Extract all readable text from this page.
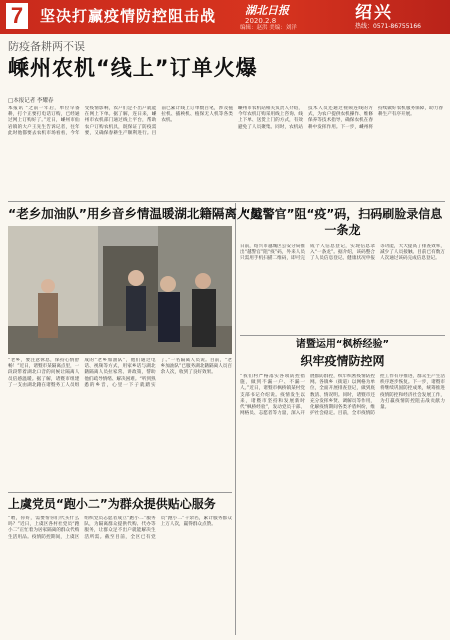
7	坚决打赢疫情防控阻击战	湖北日报
2020.2.8	绍兴
编辑：赵洪 美编：刘洋	热线：0571-86755166
防疫备耕两不误
嵊州农机“线上”订单火爆
□本报记者 李耀春

本报讯 “之前一年后，单位早备耕，打个正要打电话订购，已经通过网上订购好了。”近日，嵊州市仙岩镇的大户王先生告诉记者，往年此时他都要去农机市场看看，今年受疫情影响，农户们足不出户就能在网上下单。据了解，连日来，嵊州市农机部门通过线上平台，帮助农户订购农机具，既保证了防疫需要，又确保春耕生产顺利进行。目前已累计线上订单数百笔，涉及拖拉机、插秧机、植保无人机等各类农机。

嵊州市农机站相关负责人介绍，今年农机订购采用线上咨询、线上下单、送货上门的方式，有效避免了人员聚集。同时，农机站技术人员还通过视频连线的方式，为农户提供农机操作、维修保养等技术指导，确保农机在春耕中发挥作用。下一步，嵊州将持续做好农机服务保障，助力春耕生产有序开展。

“老乡加油队”用乡音乡情温暖湖北籍隔离人员

“老乡，要注意休息，保持心情舒畅！”近日，诸暨市某隔离点里，一段段带着湖北口音的问候让隔离人员倍感温暖。据了解，诸暨市组建了一支由湖北籍在诸暨务工人员组成的“老乡加油队”，他们通过电话、视频等方式，用家乡话与湖北籍隔离人员拉家常、讲政策，帮助他们疏导情绪、解决困难。“听到熟悉的乡音，心里一下子就踏实了。”一名隔离人员说。目前，“老乡加油队”已服务湖北籍隔离人员百余人次，收到了良好效果。

上虞党员“跑小二”为群众提供贴心服务

“喂，你好，需要帮你们代买什么吗？”近日，上虞区各村社党员“跑小二”正忙着为居家隔离的群众代购生活用品。疫情防控期间，上虞区组织党员志愿者成立“跑小二”服务队，为隔离群众提供代购、代办等服务，让群众足不出户就能解决生活所需。截至目前，全区已有党员“跑小二”千余名，累计服务群众上万人次，赢得群众点赞。

“越警官”阻“疫”码，扫码刷脸录信息一条龙

日前，绍兴市越城区公安分局推出“越警官”阻“疫”码，外来人员只需用手机扫描二维码，即可完成个人信息登记，实现信息录入“一条龙”。据介绍，该码整合了人员信息登记、健康状况申报等功能，大大提高了排查效率，减少了人员接触。目前已有数万人次通过该码完成信息登记。

诸暨运用“枫桥经验”
织牢疫情防控网

“我们村严格落实各项防控措施，做到不漏一户、不漏一人。”近日，诸暨市枫桥镇某村党支部书记介绍说。疫情发生以来，诸暨市坚持和发展新时代“枫桥经验”，发动党员干部、网格员、志愿者等力量，深入开展群防群控，织牢织密疫情防控网。各镇乡（街道）以网格为单位，全面开展排查登记，做到底数清、情况明。同时，诸暨市还充分发挥乡贤、调解员等作用，化解疫情期间各类矛盾纠纷，维护社会稳定。目前，全市疫情防控工作有序推进，群众生产生活秩序逐步恢复。下一步，诸暨市将继续巩固防控成果，统筹推进疫情防控和经济社会发展工作，为打赢疫情防控阻击战贡献力量。
